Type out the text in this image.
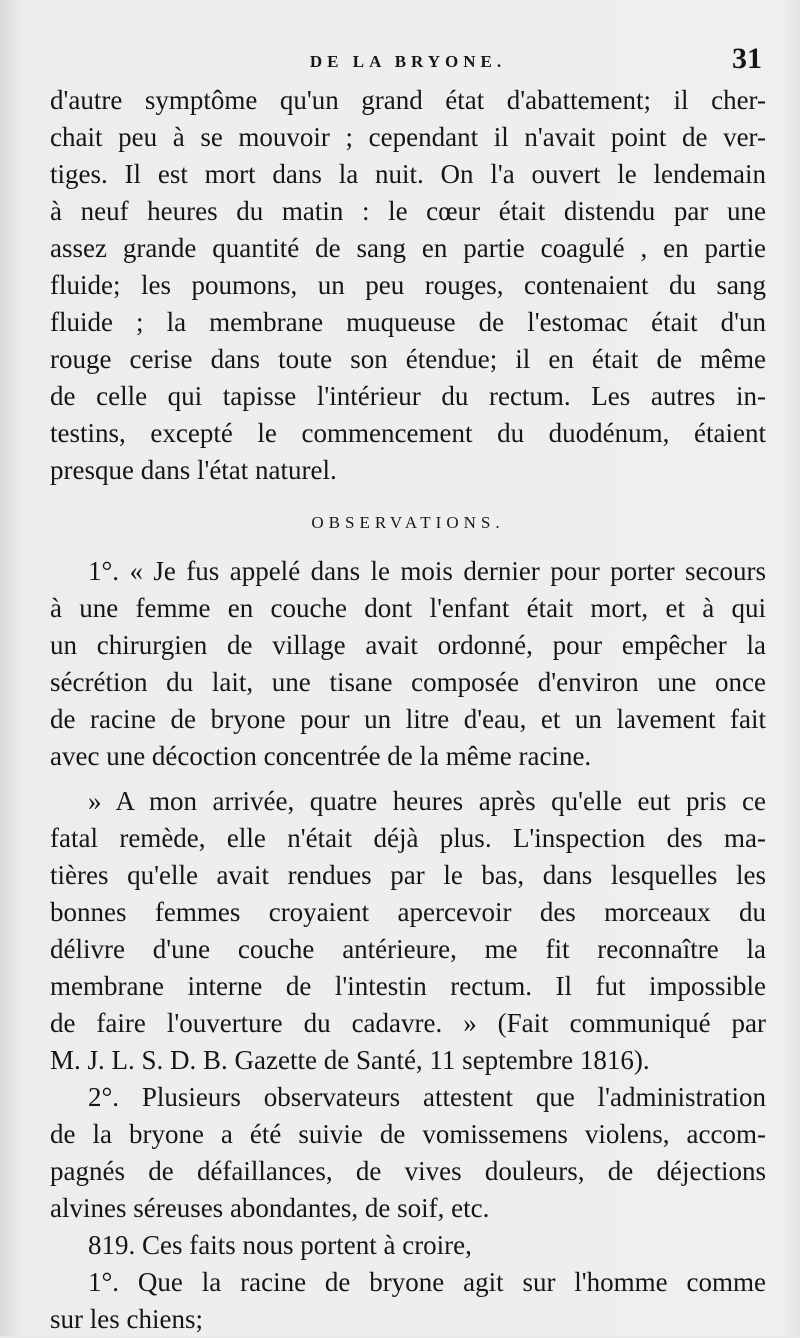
DE LA BRYONE.	31
d'autre symptôme qu'un grand état d'abattement; il cher-
chait peu à se mouvoir ; cependant il n'avait point de ver-
tiges. Il est mort dans la nuit. On l'a ouvert le lendemain
à neuf heures du matin : le cœur était distendu par une
assez grande quantité de sang en partie coagulé , en partie
fluide; les poumons, un peu rouges, contenaient du sang
fluide ; la membrane muqueuse de l'estomac était d'un
rouge cerise dans toute son étendue; il en était de même
de celle qui tapisse l'intérieur du rectum. Les autres in-
testins, excepté le commencement du duodénum, étaient
presque dans l'état naturel.
OBSERVATIONS.
1°. « Je fus appelé dans le mois dernier pour porter secours
à une femme en couche dont l'enfant était mort, et à qui
un chirurgien de village avait ordonné, pour empêcher la
sécrétion du lait, une tisane composée d'environ une once
de racine de bryone pour un litre d'eau, et un lavement fait
avec une décoction concentrée de la même racine.
» A mon arrivée, quatre heures après qu'elle eut pris ce
fatal remède, elle n'était déjà plus. L'inspection des ma-
tières qu'elle avait rendues par le bas, dans lesquelles les
bonnes femmes croyaient apercevoir des morceaux du
délivre d'une couche antérieure, me fit reconnaître la
membrane interne de l'intestin rectum. Il fut impossible
de faire l'ouverture du cadavre. » (Fait communiqué par
M. J. L. S. D. B. Gazette de Santé, 11 septembre 1816).
2°. Plusieurs observateurs attestent que l'administration
de la bryone a été suivie de vomissemens violens, accom-
pagnés de défaillances, de vives douleurs, de déjections
alvines séreuses abondantes, de soif, etc.
819. Ces faits nous portent à croire,
1°. Que la racine de bryone agit sur l'homme comme
sur les chiens;
